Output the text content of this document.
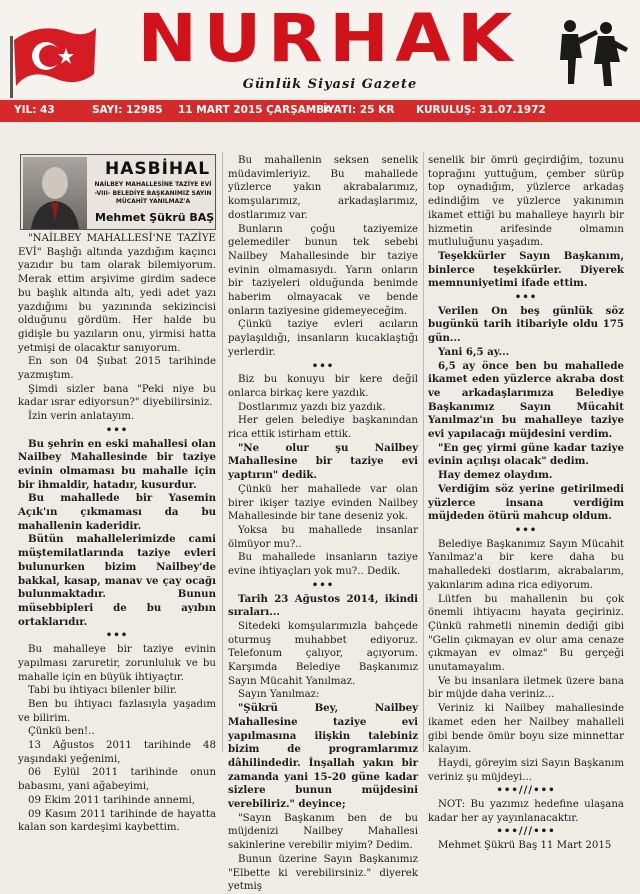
NURHAK
Günlük Siyasi Gazete
YIL: 43	SAYI: 12985 11 MART 2015 ÇARŞAMBA
FİYATI: 25 KR KURULUŞ: 31.07.1972
HASBİHAL
NAİLBEY MAHALLESİNE TAZİYE EVİ
-VIII- BELEDİYE BAŞKANIMIZ SAYIN
MÜCAHİT YANILMAZ'A
Mehmet Şükrü BAŞ

"NAİLBEY MAHALLESİ'NE TAZİYE EVİ" Başlığı altında yazdığım kaçıncı yazıdır bu tam olarak bilemiyorum. Merak ettim arşivime girdim sadece bu başlık altında altı, yedi adet yazı yazdığımı bu yazınında sekizincisi olduğunu gördüm. Her halde bu gidişle bu yazıların onu, yirmisi hatta yetmişi de olacaktır sanıyorum.

En son 04 Şubat 2015 tarihinde yazmıştım.

Şimdi sizler bana "Peki niye bu kadar ısrar ediyorsun?" diyebilirsiniz.

İzin verin anlatayım.

•••

Bu şehrin en eski mahallesi olan Nailbey Mahallesinde bir taziye evinin olmaması bu mahalle için bir ihmaldir, hatadır, kusurdur.

Bu mahallede bir Yasemin Açık'ın çıkmaması da bu mahallenin kaderidir.

Bütün mahallelerimizde cami müştemilatlarında taziye evleri bulunurken bizim Nailbey'de bakkal, kasap, manav ve çay ocağı bulunmaktadır. Bunun müsebbipleri de bu ayıbın ortaklarıdır.

•••

Bu mahalleye bir taziye evinin yapılması zaruretir, zorunluluk ve bu mahalle için en büyük ihtiyaçtır.

Tabi bu ihtiyacı bilenler bilir.

Ben bu ihtiyacı fazlasıyla yaşadım ve bilirim.

Çünkü ben!..

13 Ağustos 2011 tarihinde 48 yaşındaki yeğenimi,

06 Eylül 2011 tarihinde onun babasını, yani ağabeyimi,

09 Ekim 2011 tarihinde annemi,

09 Kasım 2011 tarihinde de hayatta kalan son kardeşimi kaybettim.

Bu mahallenin seksen senelik müdavimleriyiz. Bu mahallede yüzlerce yakın akrabalarımız, komşularımız, arkadaşlarımız, dostlarımız var.

Bunların çoğu taziyemize gelemediler bunun tek sebebi Nailbey Mahallesinde bir taziye evinin olmamasıydı. Yarın onların bir taziyeleri olduğunda benimde haberim olmayacak ve bende onların taziyesine gidemeyeceğim.

Çünkü taziye evleri acıların paylaşıldığı, insanların kucaklaştığı yerlerdir.

•••

Biz bu konuyu bir kere değil onlarca birkaç kere yazdık.

Dostlarımız yazdı biz yazdık.

Her gelen belediye başkanından rica ettik istirham ettik.

"Ne olur şu Nailbey Mahallesine bir taziye evi yaptırın" dedik.

Çünkü her mahallede var olan birer ikişer taziye evinden Nailbey Mahallesinde bir tane deseniz yok.

Yoksa bu mahallede insanlar ölmüyor mu?..

Bu mahallede insanların taziye evine ihtiyaçları yok mu?.. Dedik.

•••

Tarih 23 Ağustos 2014, ikindi sıraları...

Sitedeki komşularımızla bahçede oturmuş muhabbet ediyoruz. Telefonum çalıyor, açıyorum. Karşımda Belediye Başkanımız Sayın Mücahit Yanılmaz.

Sayın Yanılmaz:

"Şükrü Bey, Nailbey Mahallesine taziye evi yapılmasına ilişkin talebiniz bizim de programlarımız dâhilindedir. İnşallah yakın bir zamanda yani 15-20 güne kadar sizlere bunun müjdesini verebiliriz." deyince;

"Sayın Başkanım ben de bu müjdenizi Nailbey Mahallesi sakinlerine verebilir miyim? Dedim.

Bunun üzerine Sayın Başkanımız "Elbette ki verebilirsiniz." diyerek yetmiş

senelik bir ömrü geçirdiğim, tozunu toprağını yuttuğum, çember sürüp top oynadığım, yüzlerce arkadaş edindiğim ve yüzlerce yakınımın ikamet ettiği bu mahalleye hayırlı bir hizmetin arifesinde olmamın mutluluğunu yaşadım.

Teşekkürler Sayın Başkanım, binlerce teşekkürler. Diyerek memnuniyetimi ifade ettim.

•••

Verilen On beş günlük söz bugünkü tarih itibariyle oldu 175 gün...

Yani 6,5 ay...

6,5 ay önce ben bu mahallede ikamet eden yüzlerce akraba dost ve arkadaşlarımıza Belediye Başkanımız Sayın Mücahit Yanılmaz'ın bu mahalleye taziye evi yapılacağı müjdesini verdim.

"En geç yirmi güne kadar taziye evinin açılışı olacak" dedim.

Hay demez olaydım.

Verdiğim söz yerine getirilmedi yüzlerce insana verdiğim müjdeden ötürü mahcup oldum.

•••

Belediye Başkanımız Sayın Mücahit Yanılmaz'a bir kere daha bu mahalledeki dostlarım, akrabalarım, yakınlarım adına rica ediyorum.

Lütfen bu mahallenin bu çok önemli ihtiyacını hayata geçiriniz. Çünkü rahmetli ninemin dediği gibi "Gelin çıkmayan ev olur ama cenaze çıkmayan ev olmaz" Bu gerçeği unutamayalım.

Ve bu insanlara iletmek üzere bana bir müjde daha veriniz...

Veriniz ki Nailbey mahallesinde ikamet eden her Nailbey mahalleli gibi bende ömür boyu size minnettar kalayım.

Haydi, göreyim sizi Sayın Başkanım veriniz şu müjdeyi...

•••///•••

NOT: Bu yazımız hedefine ulaşana kadar her ay yayınlanacaktır.

•••///•••

Mehmet Şükrü Baş 11 Mart 2015
